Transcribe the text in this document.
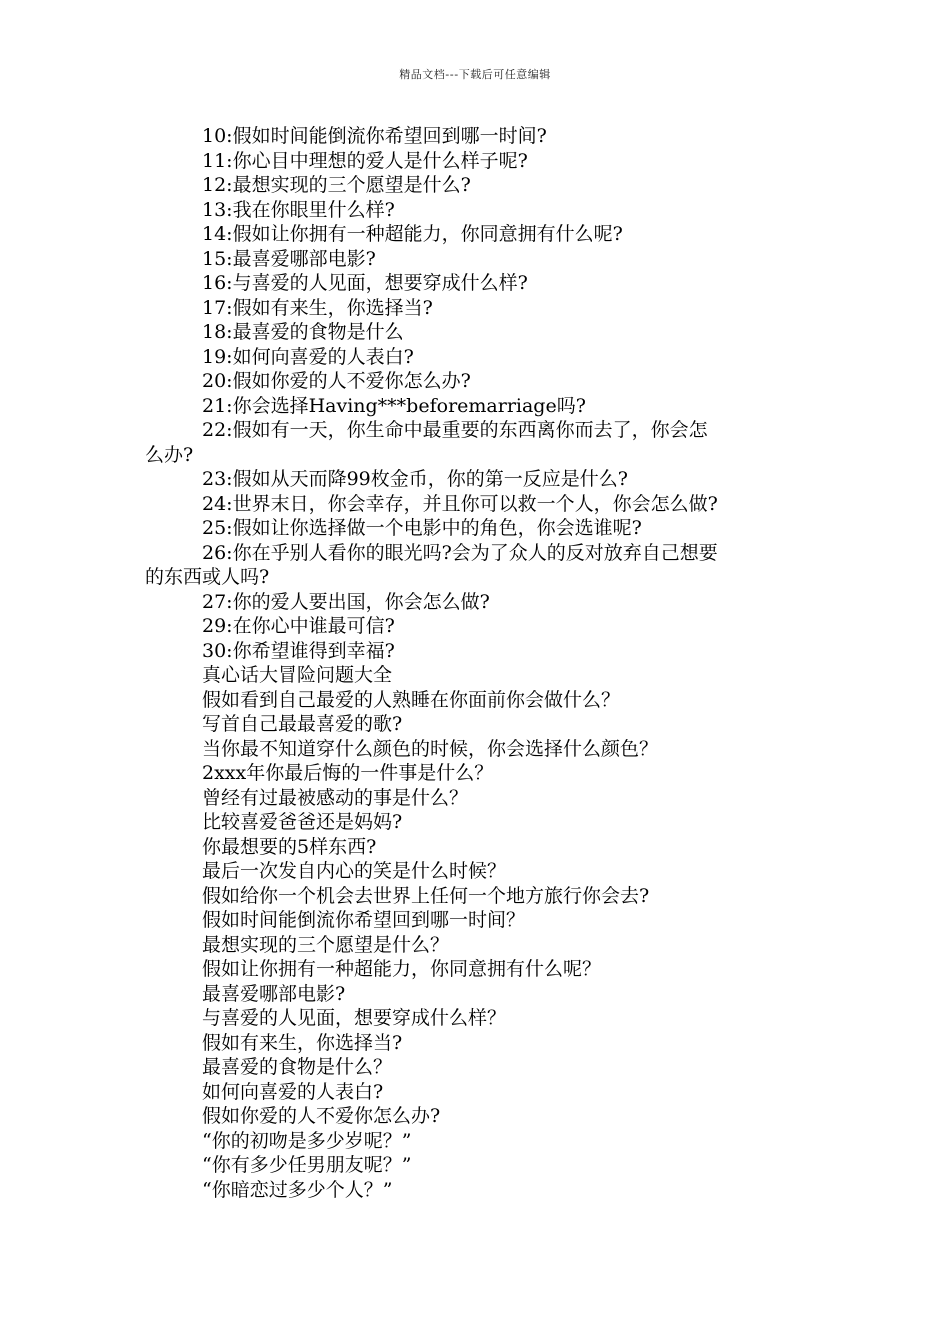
精品文档---下载后可任意编辑

10:假如时间能倒流你希望回到哪一时间?

11:你心目中理想的爱人是什么样子呢?

12:最想实现的三个愿望是什么?

13:我在你眼里什么样?

14:假如让你拥有一种超能力，你同意拥有什么呢?

15:最喜爱哪部电影?

16:与喜爱的人见面，想要穿成什么样?

17:假如有来生，你选择当?

18:最喜爱的食物是什么

19:如何向喜爱的人表白?

20:假如你爱的人不爱你怎么办?

21:你会选择Having***beforemarriage吗?

22:假如有一天，你生命中最重要的东西离你而去了，你会怎

么办?

23:假如从天而降99枚金币，你的第一反应是什么?

24:世界末日，你会幸存，并且你可以救一个人，你会怎么做?

25:假如让你选择做一个电影中的角色，你会选谁呢?

26:你在乎别人看你的眼光吗?会为了众人的反对放弃自己想要

的东西或人吗?

27:你的爱人要出国，你会怎么做?

29:在你心中谁最可信?

30:你希望谁得到幸福?

真心话大冒险问题大全

假如看到自己最爱的人熟睡在你面前你会做什么？

写首自己最最喜爱的歌?

当你最不知道穿什么颜色的时候，你会选择什么颜色？

2xxx年你最后悔的一件事是什么？

曾经有过最被感动的事是什么？

比较喜爱爸爸还是妈妈?

你最想要的5样东西?

最后一次发自内心的笑是什么时候？

假如给你一个机会去世界上任何一个地方旅行你会去?

假如时间能倒流你希望回到哪一时间？

最想实现的三个愿望是什么？

假如让你拥有一种超能力，你同意拥有什么呢？

最喜爱哪部电影?

与喜爱的人见面，想要穿成什么样？

假如有来生，你选择当?

最喜爱的食物是什么？

如何向喜爱的人表白?

假如你爱的人不爱你怎么办?

“你的初吻是多少岁呢？”

“你有多少任男朋友呢？”

“你暗恋过多少个人？”
